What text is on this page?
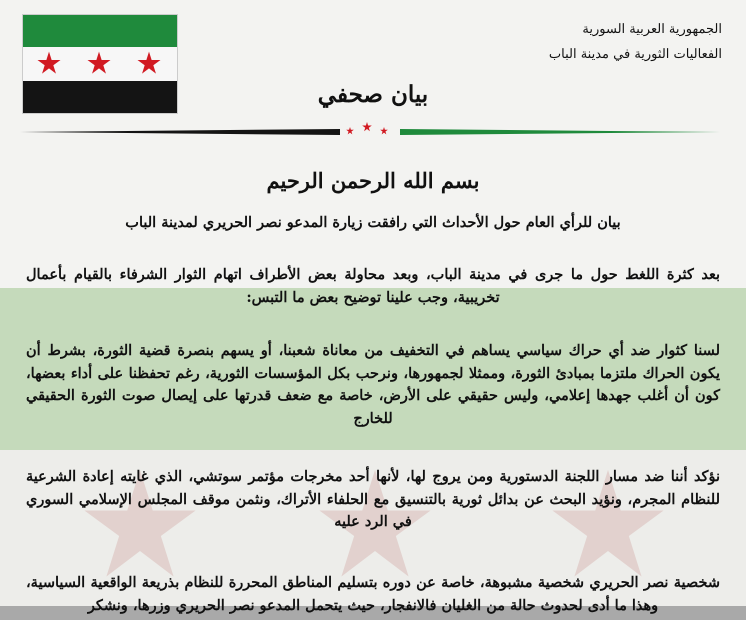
الجمهورية العربية السورية
الفعاليات الثورية في مدينة الباب
بيان صحفي
بسم الله الرحمن الرحيم
بيان للرأي العام حول الأحداث التي رافقت زيارة المدعو نصر الحريري لمدينة الباب
بعد كثرة اللغط حول ما جرى في مدينة الباب، وبعد محاولة بعض الأطراف اتهام الثوار الشرفاء بالقيام بأعمال تخريبية، وجب علينا توضيح بعض ما التبس:
لسنا كثوار ضد أي حراك سياسي يساهم في التخفيف من معاناة شعبنا، أو يسهم بنصرة قضية الثورة، بشرط أن يكون الحراك ملتزما بمبادئ الثورة، وممثلا لجمهورها، ونرحب بكل المؤسسات الثورية، رغم تحفظنا على أداء بعضها، كون أن أغلب جهدها إعلامي، وليس حقيقي على الأرض، خاصة مع ضعف قدرتها على إيصال صوت الثورة الحقيقي للخارج
نؤكد أننا ضد مسار اللجنة الدستورية ومن يروج لها، لأنها أحد مخرجات مؤتمر سوتشي، الذي غايته إعادة الشرعية للنظام المجرم، ونؤيد البحث عن بدائل ثورية بالتنسيق مع الحلفاء الأتراك، ونثمن موقف المجلس الإسلامي السوري في الرد عليه
شخصية نصر الحريري شخصية مشبوهة، خاصة عن دوره بتسليم المناطق المحررة للنظام بذريعة الواقعية السياسية، وهذا ما أدى لحدوث حالة من الغليان فالانفجار، حيث يتحمل المدعو نصر الحريري وزرها، ونشكر
